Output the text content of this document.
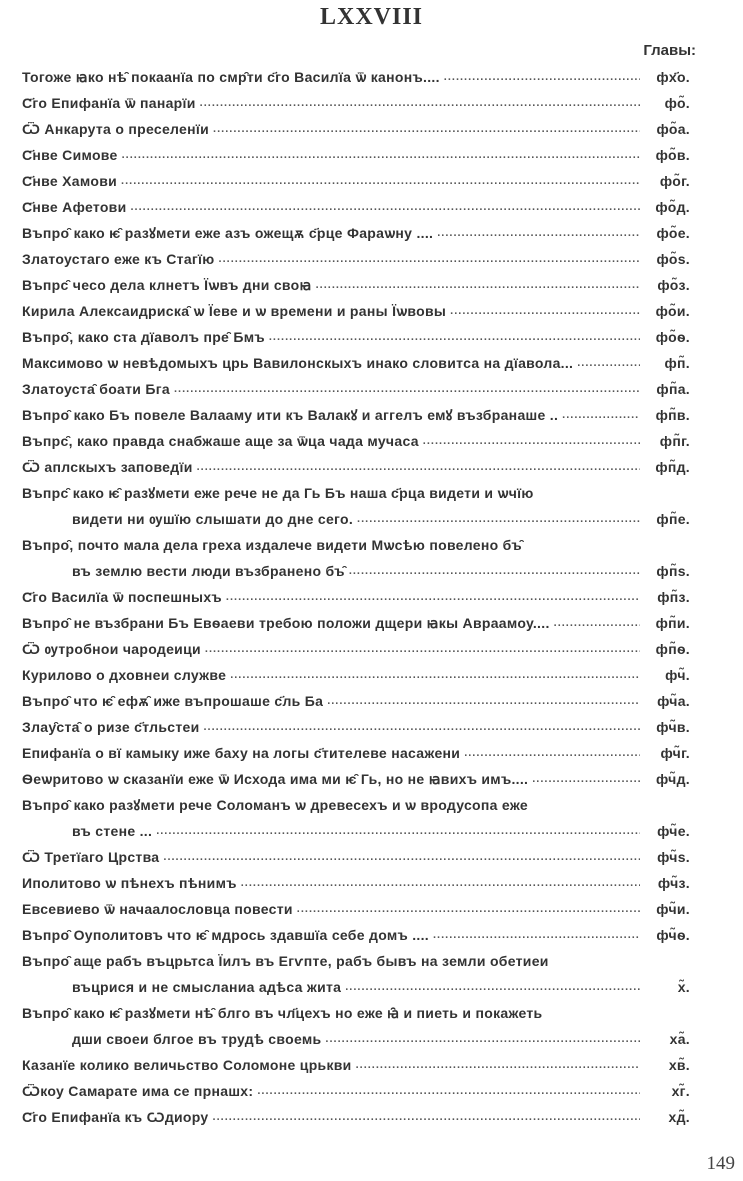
LXXVIII
Главы:
Тогоже ꙗко нѣ̑ покаанїа по смр̑ти с҃го Василїа ѿ канонъ.... .....	фх҃о.
С҃го Епифанїа ѿ панарїи .....	фо̃.
Ѿ Анкарута о преселенїи .....	фо̃а.
С҃нве Симове .....	фо̃в.
С҃нве Хамови .....	фо̃г.
С҃нве Афетови .....	фо̃д.
Въпро̑ како ѥ̑ разꙋмети еже азъ ожещѫ с҃рце Фараѡну .... .....	фо̃е.
Златоустаго еже къ Стагїю .....	фо̃ѕ.
Въпрс̑ чесо дела клнетъ Їѡвъ дни своꙗ .....	фо̃з.
Кирила Алексаидриска̑ ѡ Їеве и ѡ времени и раны Їѡвовы .....	фо̃и.
Въпро̑, како ста дїаволъ пре̑ Бмъ .....	фо̃ѳ.
Максимово ѡ невѣдомыхъ црь Вавилонскыхъ инако словитса на дїавола... .....	фп̃.
Златоуста̑ боати Бга .....	фп̃а.
Въпро̑ како Бъ повеле Валааму ити къ Валакꙋ и аггелъ емꙋ възбранаше .. .....	фп̃в.
Въпрс̑, како правда снабжаше аще за ѿца чада мучаса .....	фп̃г.
Ѿ аплскыхъ заповедїи .....	фп̃д.
Въпрс̑ како ѥ̑ разꙋмети еже рече не да Гь Бъ наша с҃рца видети и ѡчїю
видети ни ѹшїю слышати до дне сего. .....	фп̃е.
Въпро̑, почто мала дела греха издалече видети Мѡсѣю повелено бъ̑
въ землю вести люди възбранено бъ̑ .....	фп̃ѕ.
С҃го Василїа ѿ поспешныхъ .....	фп̃з.
Въпро̑ не възбрани Бъ Евѳаеви требою положи дщери ꙗкы Авраамоу.... .....	фп̃и.
Ѿ ѹтробнои чародеици .....	фп̃ѳ.
Курилово о дховнеи служве .....	фч̃.
Въпро̑ что ѥ̑ ефѫ̑ иже въпрошаше с҃ль Ба .....	фч̃а.
Злау̑ста̑ о ризе с҃тльстеи .....	фч̃в.
Епифанїа о вї камыку иже баху на логы с҃тителеве насажени .....	фч̃г.
Ѳеѡритово ѡ сказанїи еже ѿ Исхода има ми ѥ̑ Гь, но не ꙗвихъ имъ.... .....	фч̃д.
Въпро̑ како разꙋмети рече Соломанъ ѡ древесехъ и ѡ вродусопа еже
въ стене ... .....	фч̃е.
Ѿ Третїаго Црства .....	фч̃ѕ.
Иполитово ѡ пѣнехъ пѣнимъ .....	фч̃з.
Евсевиево ѿ начаалословца повести .....	фч̃и.
Въпро̑ Оуполитовъ что ѥ̑ мдрось здавшїа себе домъ .... .....	фч̃ѳ.
Въпро̑ аще рабъ въцрьтса Їилъ въ Егѵпте, рабъ бывъ на земли обетиеи
въцрися и не смысланиа адѣса жита .....	х̃.
Въпро̑ како ѥ̑ разꙋмети нѣ̑ блго въ чл҃цехъ но еже ꙗ̑ и пиеть и покажеть
дши своеи блгое въ трудѣ своемь .....	ха̃.
Казанїе колико величьство Соломоне црькви .....	хв̃.
Ѿкоу Самарате има се прнашх: .....	хг̃.
С҃го Епифанїа къ Ѡдиору .....	хд̃.
149
